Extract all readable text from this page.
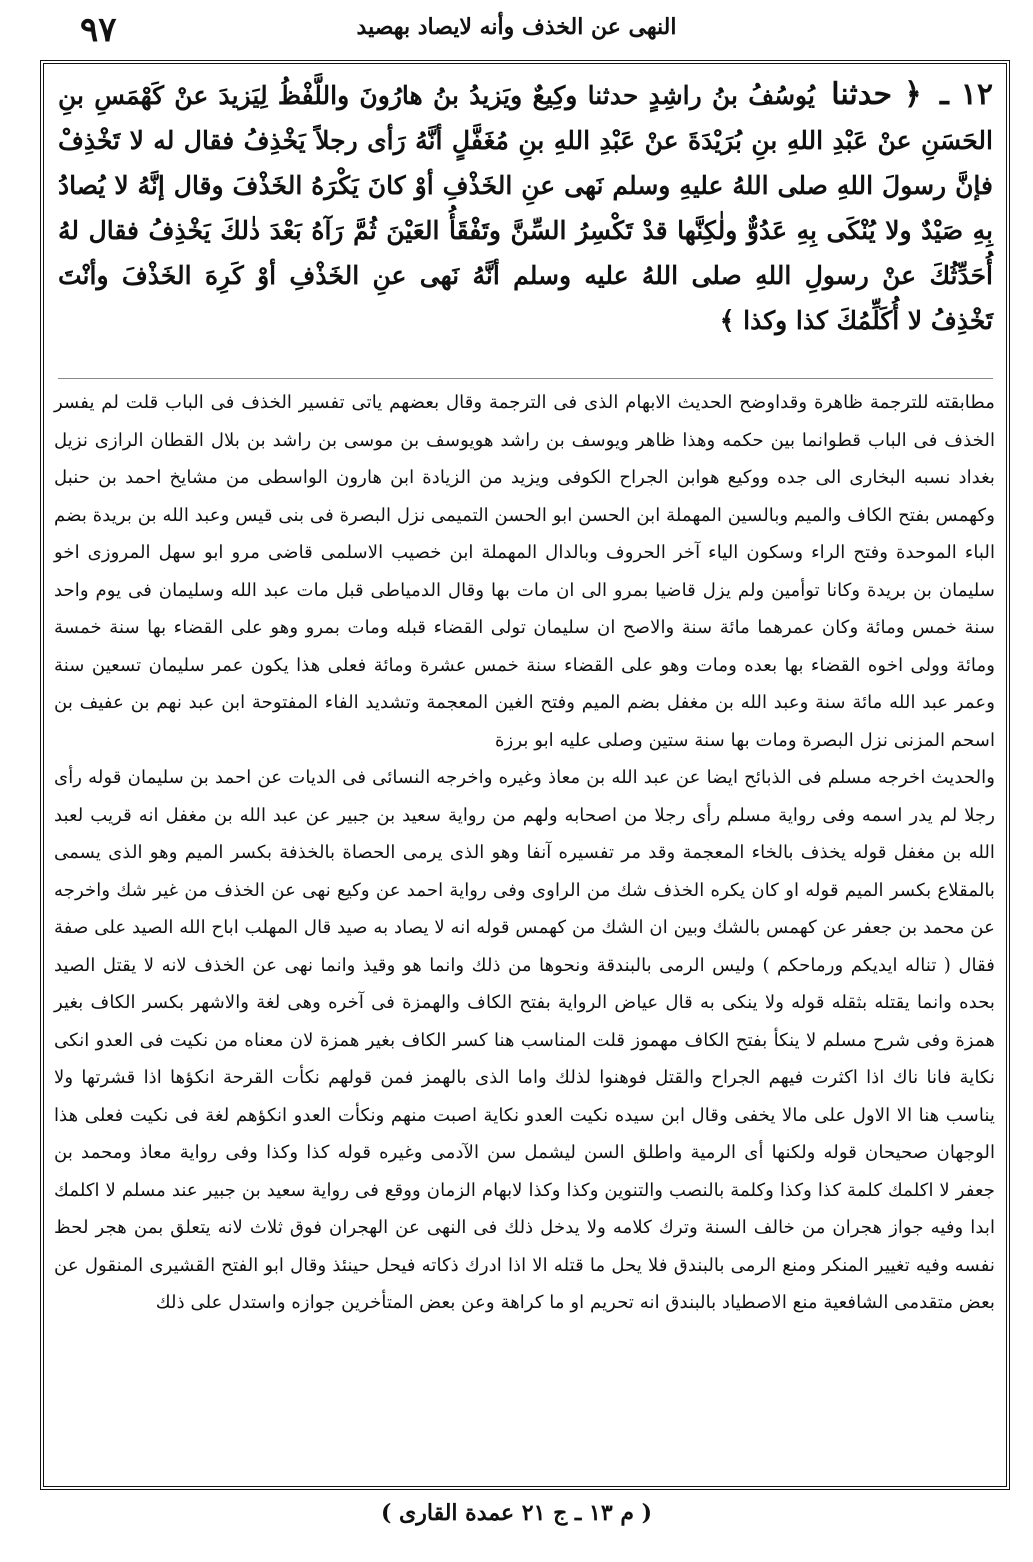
٩٧	النهى عن الخذف وأنه لايصاد بهصيد
١٢ ـ ﴿ حدثنا يُوسُفُ بنُ راشِدٍ حدثنا وكِيعٌ ويَزيدُ بنُ هارُونَ واللَّفْظُ لِيَزيدَ عنْ كَهْمَسِ بنِ الحَسَنِ عنْ عَبْدِ اللهِ بنِ بُرَيْدَةَ عنْ عَبْدِ اللهِ بنِ مُغَفَّلٍ أنَّهُ رَأى رجلاً يَخْذِفُ فقال له لا تَخْذِفْ فإنَّ رسولَ اللهِ صلى اللهُ عليهِ وسلم نَهى عنِ الخَذْفِ أوْ كانَ يَكْرَهُ الخَذْفَ وقال إنَّهُ لا يُصادُ بِهِ صَيْدٌ ولا يُنْكَى بِهِ عَدُوٌّ ولٰكِنَّها قدْ تَكْسِرُ السِّنَّ وتَفْقَأُ العَيْنَ ثُمَّ رَآهُ بَعْدَ ذٰلكَ يَخْذِفُ فقال لهُ أُحَدِّثُكَ عنْ رسولِ اللهِ صلى اللهُ عليه وسلم أنَّهُ نَهى عنِ الخَذْفِ أوْ كَرِهَ الخَذْفَ وأنْتَ تَخْذِفُ لا أُكَلِّمُكَ كذا وكذا ﴾

مطابقته للترجمة ظاهرة وقداوضح الحديث الابهام الذى فى الترجمة وقال بعضهم ياتى تفسير الخذف فى الباب قلت لم يفسر الخذف فى الباب قطوانما بين حكمه وهذا ظاهر ويوسف بن راشد هويوسف بن موسى بن راشد بن بلال القطان الرازى نزيل بغداد نسبه البخارى الى جده ووكيع هوابن الجراح الكوفى ويزيد من الزيادة ابن هارون الواسطى من مشايخ احمد بن حنبل وكهمس بفتح الكاف والميم وبالسين المهملة ابن الحسن ابو الحسن التميمى نزل البصرة فى بنى قيس وعبد الله بن بريدة بضم الباء الموحدة وفتح الراء وسكون الياء آخر الحروف وبالدال المهملة ابن خصيب الاسلمى قاضى مرو ابو سهل المروزى اخو سليمان بن بريدة وكانا توأمين ولم يزل قاضيا بمرو الى ان مات بها وقال الدمياطى قبل مات عبد الله وسليمان فى يوم واحد سنة خمس ومائة وكان عمرهما مائة سنة والاصح ان سليمان تولى القضاء قبله ومات بمرو وهو على القضاء بها سنة خمسة ومائة وولى اخوه القضاء بها بعده ومات وهو على القضاء سنة خمس عشرة ومائة فعلى هذا يكون عمر سليمان تسعين سنة وعمر عبد الله مائة سنة وعبد الله بن مغفل بضم الميم وفتح الغين المعجمة وتشديد الفاء المفتوحة ابن عبد نهم بن عفيف بن اسحم المزنى نزل البصرة ومات بها سنة ستين وصلى عليه ابو برزة

والحديث اخرجه مسلم فى الذبائح ايضا عن عبد الله بن معاذ وغيره واخرجه النسائى فى الديات عن احمد بن سليمان قوله رأى رجلا لم يدر اسمه وفى رواية مسلم رأى رجلا من اصحابه ولهم من رواية سعيد بن جبير عن عبد الله بن مغفل انه قريب لعبد الله بن مغفل قوله يخذف بالخاء المعجمة وقد مر تفسيره آنفا وهو الذى يرمى الحصاة بالخذفة بكسر الميم وهو الذى يسمى بالمقلاع بكسر الميم قوله او كان يكره الخذف شك من الراوى وفى رواية احمد عن وكيع نهى عن الخذف من غير شك واخرجه عن محمد بن جعفر عن كهمس بالشك وبين ان الشك من كهمس قوله انه لا يصاد به صيد قال المهلب اباح الله الصيد على صفة فقال ( تناله ايديكم ورماحكم ) وليس الرمى بالبندقة ونحوها من ذلك وانما هو وقيذ وانما نهى عن الخذف لانه لا يقتل الصيد بحده وانما يقتله بثقله قوله ولا ينكى به قال عياض الرواية بفتح الكاف والهمزة فى آخره وهى لغة والاشهر بكسر الكاف بغير همزة وفى شرح مسلم لا ينكأ بفتح الكاف مهموز قلت المناسب هنا كسر الكاف بغير همزة لان معناه من نكيت فى العدو انكى نكاية فانا ناك اذا اكثرت فيهم الجراح والقتل فوهنوا لذلك واما الذى بالهمز فمن قولهم نكأت القرحة انكؤها اذا قشرتها ولا يناسب هنا الا الاول على مالا يخفى وقال ابن سيده نكيت العدو نكاية اصبت منهم ونكأت العدو انكؤهم لغة فى نكيت فعلى هذا الوجهان صحيحان قوله ولكنها أى الرمية واطلق السن ليشمل سن الآدمى وغيره قوله كذا وكذا وفى رواية معاذ ومحمد بن جعفر لا اكلمك كلمة كذا وكذا وكلمة بالنصب والتنوين وكذا وكذا لابهام الزمان ووقع فى رواية سعيد بن جبير عند مسلم لا اكلمك ابدا وفيه جواز هجران من خالف السنة وترك كلامه ولا يدخل ذلك فى النهى عن الهجران فوق ثلاث لانه يتعلق بمن هجر لحظ نفسه وفيه تغيير المنكر ومنع الرمى بالبندق فلا يحل ما قتله الا اذا ادرك ذكاته فيحل حينئذ وقال ابو الفتح القشيرى المنقول عن بعض متقدمى الشافعية منع الاصطياد بالبندق انه تحريم او ما كراهة وعن بعض المتأخرين جوازه واستدل على ذلك

( م ١٣ ـ ج ٢١ عمدة القارى )
